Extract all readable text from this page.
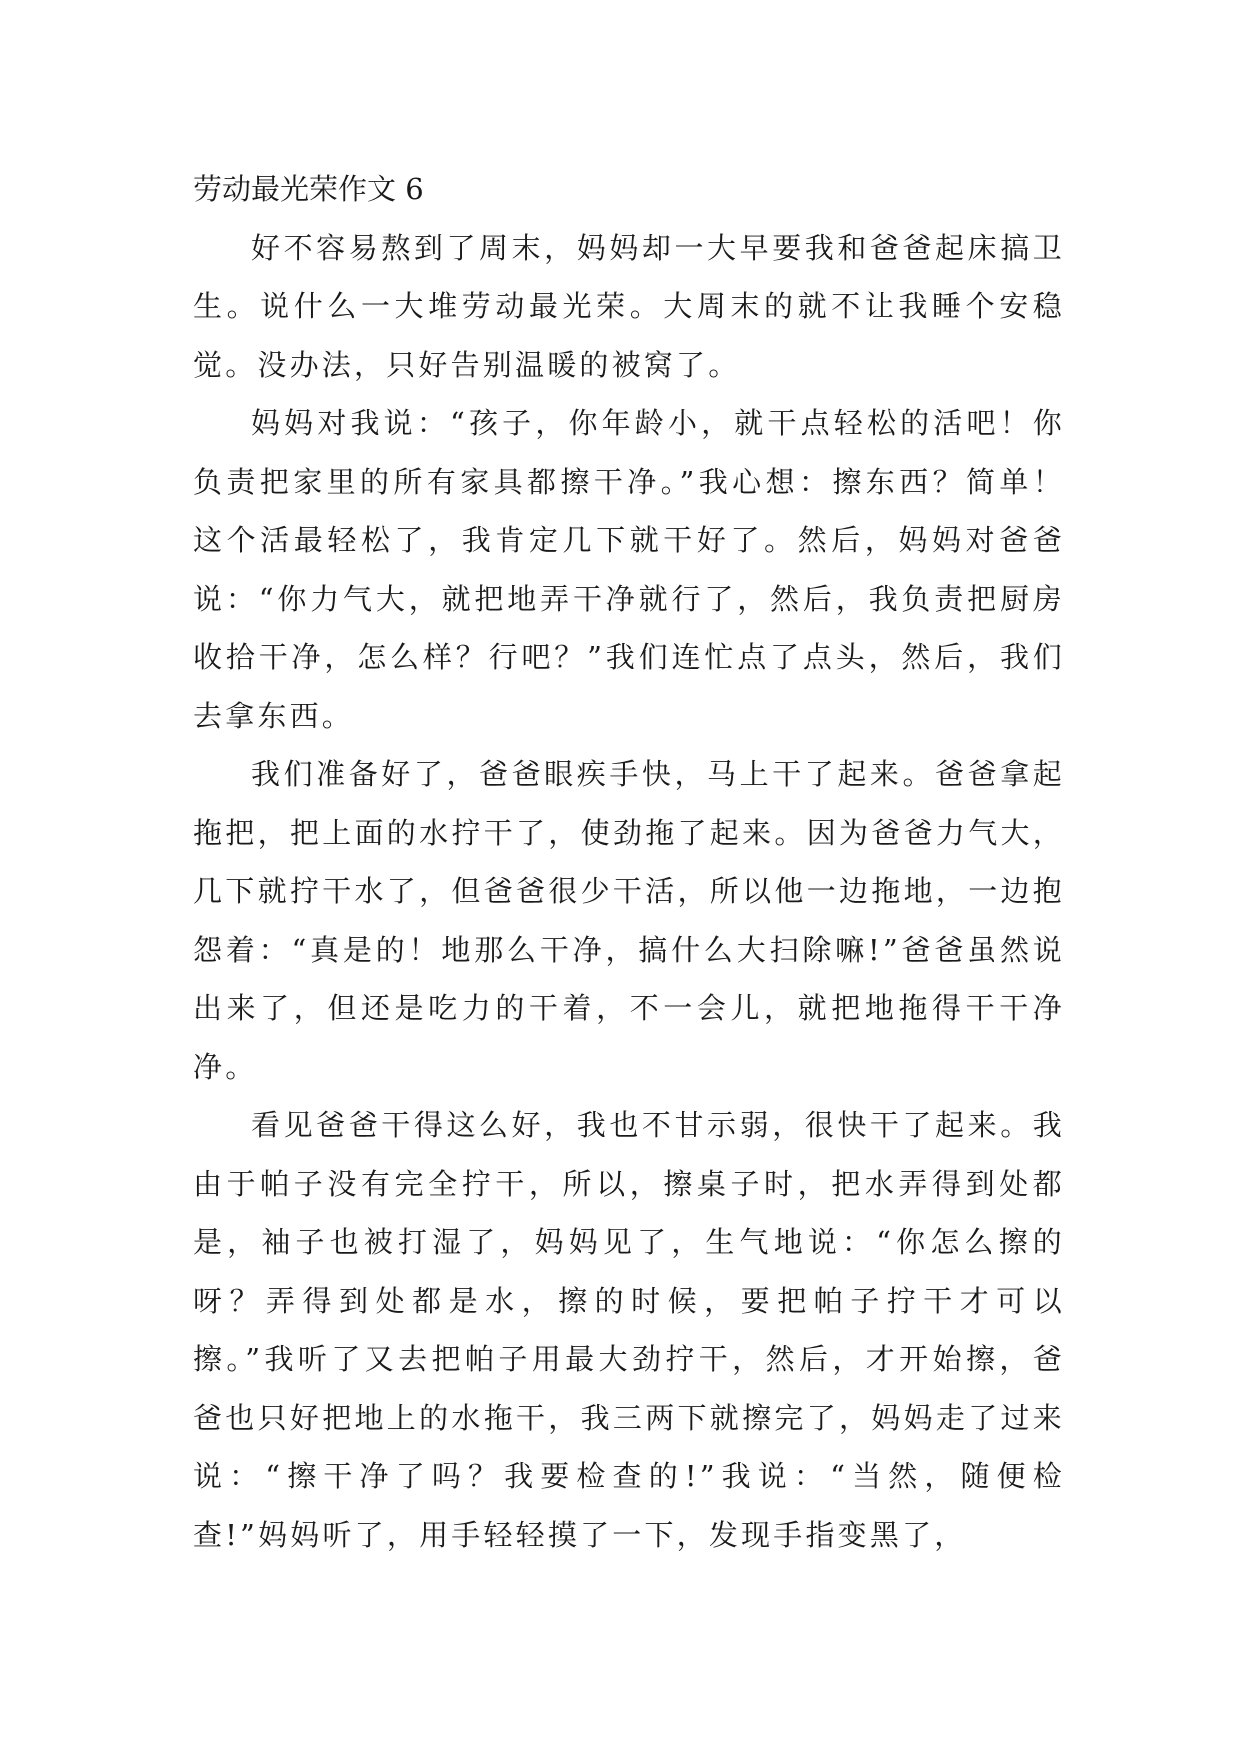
劳动最光荣作文 6

好不容易熬到了周末，妈妈却一大早要我和爸爸起床搞卫生。说什么一大堆劳动最光荣。大周末的就不让我睡个安稳觉。没办法，只好告别温暖的被窝了。

妈妈对我说：“孩子，你年龄小，就干点轻松的活吧！你负责把家里的所有家具都擦干净。”我心想：擦东西？简单！这个活最轻松了，我肯定几下就干好了。然后，妈妈对爸爸说：“你力气大，就把地弄干净就行了，然后，我负责把厨房收拾干净，怎么样？行吧？”我们连忙点了点头，然后，我们去拿东西。

我们准备好了，爸爸眼疾手快，马上干了起来。爸爸拿起拖把，把上面的水拧干了，使劲拖了起来。因为爸爸力气大，几下就拧干水了，但爸爸很少干活，所以他一边拖地，一边抱怨着：“真是的！地那么干净，搞什么大扫除嘛!”爸爸虽然说出来了，但还是吃力的干着，不一会儿，就把地拖得干干净净。

看见爸爸干得这么好，我也不甘示弱，很快干了起来。我由于帕子没有完全拧干，所以，擦桌子时，把水弄得到处都是，袖子也被打湿了，妈妈见了，生气地说：“你怎么擦的呀？弄得到处都是水，擦的时候，要把帕子拧干才可以擦。”我听了又去把帕子用最大劲拧干，然后，才开始擦，爸爸也只好把地上的水拖干，我三两下就擦完了，妈妈走了过来说：“擦干净了吗？我要检查的!”我说：“当然，随便检查!”妈妈听了，用手轻轻摸了一下，发现手指变黑了，
